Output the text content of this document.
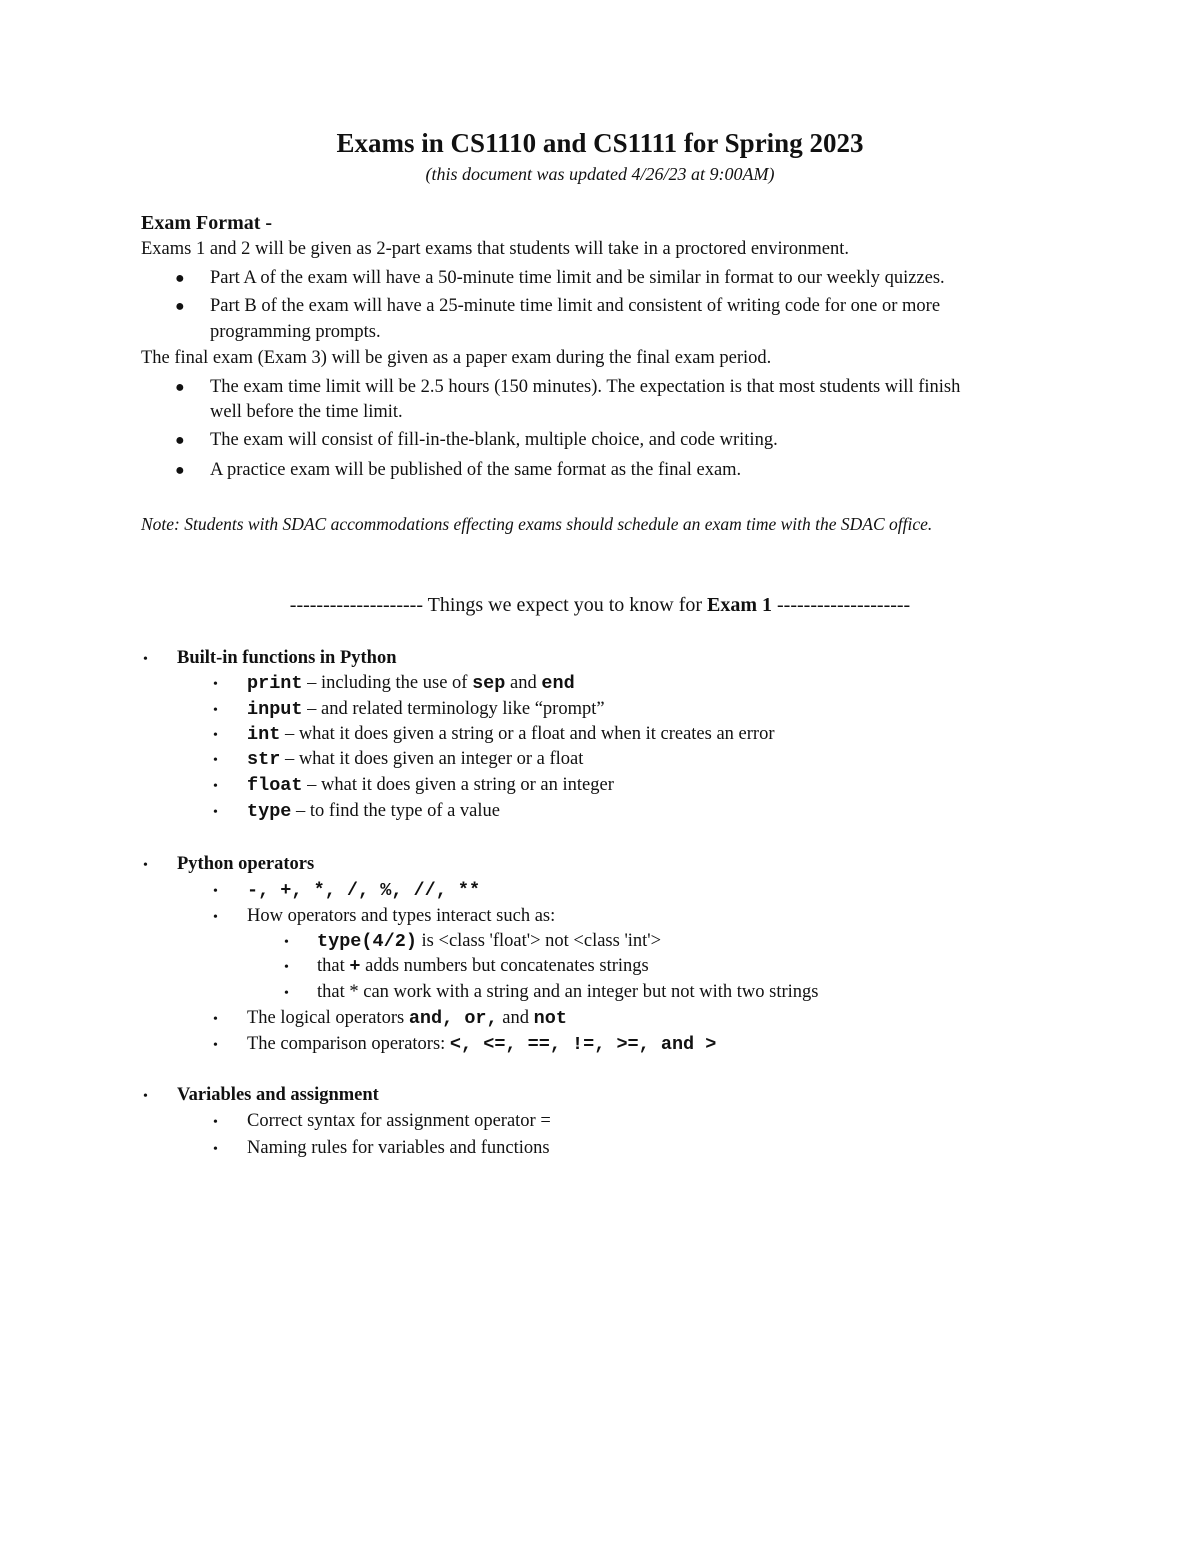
Exams in CS1110 and CS1111 for Spring 2023
(this document was updated 4/26/23 at 9:00AM)
Exam Format -
Exams 1 and 2 will be given as 2-part exams that students will take in a proctored environment.
● Part A of the exam will have a 50-minute time limit and be similar in format to our weekly quizzes.
● Part B of the exam will have a 25-minute time limit and consistent of writing code for one or more
programming prompts.
The final exam (Exam 3) will be given as a paper exam during the final exam period.
● The exam time limit will be 2.5 hours (150 minutes). The expectation is that most students will finish
well before the time limit.
● The exam will consist of fill-in-the-blank, multiple choice, and code writing.
● A practice exam will be published of the same format as the final exam.
Note: Students with SDAC accommodations effecting exams should schedule an exam time with the SDAC office.
-------------------- Things we expect you to know for Exam 1 --------------------
• Built-in functions in Python
• print – including the use of sep and end
• input – and related terminology like “prompt”
• int – what it does given a string or a float and when it creates an error
• str – what it does given an integer or a float
• float – what it does given a string or an integer
• type – to find the type of a value
• Python operators
• -, +, *, /, %, //, **
• How operators and types interact such as:
• type(4/2) is <class 'float'> not <class 'int'>
• that + adds numbers but concatenates strings
• that * can work with a string and an integer but not with two strings
• The logical operators and, or, and not
• The comparison operators: <, <=, ==, !=, >=, and >
• Variables and assignment
• Correct syntax for assignment operator =
• Naming rules for variables and functions
